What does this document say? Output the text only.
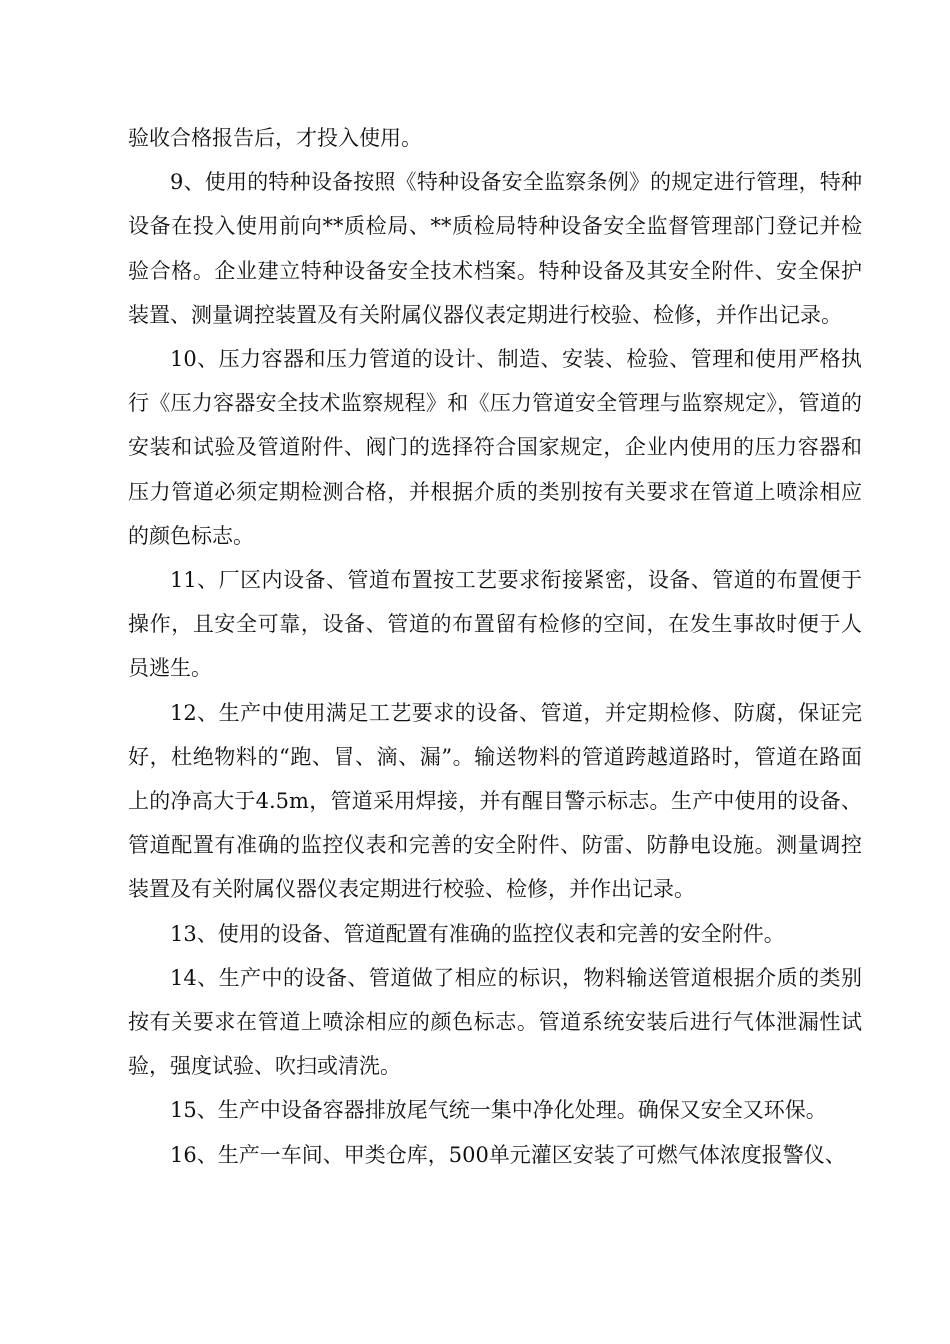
验收合格报告后，才投入使用。

9、使用的特种设备按照《特种设备安全监察条例》的规定进行管理，特种设备在投入使用前向**质检局、**质检局特种设备安全监督管理部门登记并检验合格。企业建立特种设备安全技术档案。特种设备及其安全附件、安全保护装置、测量调控装置及有关附属仪器仪表定期进行校验、检修，并作出记录。

10、压力容器和压力管道的设计、制造、安装、检验、管理和使用严格执行《压力容器安全技术监察规程》和《压力管道安全管理与监察规定》，管道的安装和试验及管道附件、阀门的选择符合国家规定，企业内使用的压力容器和压力管道必须定期检测合格，并根据介质的类别按有关要求在管道上喷涂相应的颜色标志。

11、厂区内设备、管道布置按工艺要求衔接紧密，设备、管道的布置便于操作，且安全可靠，设备、管道的布置留有检修的空间，在发生事故时便于人员逃生。

12、生产中使用满足工艺要求的设备、管道，并定期检修、防腐，保证完好，杜绝物料的“跑、冒、滴、漏”。输送物料的管道跨越道路时，管道在路面上的净高大于4.5m，管道采用焊接，并有醒目警示标志。生产中使用的设备、管道配置有准确的监控仪表和完善的安全附件、防雷、防静电设施。测量调控装置及有关附属仪器仪表定期进行校验、检修，并作出记录。

13、使用的设备、管道配置有准确的监控仪表和完善的安全附件。

14、生产中的设备、管道做了相应的标识，物料输送管道根据介质的类别按有关要求在管道上喷涂相应的颜色标志。管道系统安装后进行气体泄漏性试验，强度试验、吹扫或清洗。

15、生产中设备容器排放尾气统一集中净化处理。确保又安全又环保。

16、生产一车间、甲类仓库，500单元灌区安装了可燃气体浓度报警仪、
